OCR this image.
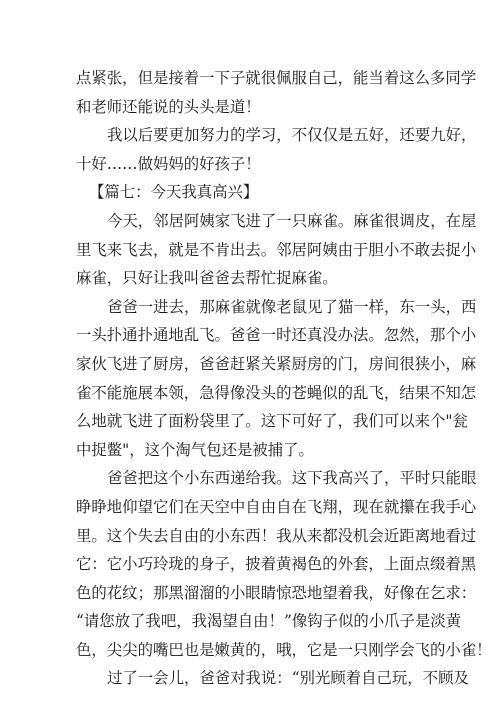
点紧张，但是接着一下子就很佩服自己，能当着这么多同学
和老师还能说的头头是道！
我以后要更加努力的学习，不仅仅是五好，还要九好，
十好……做妈妈的好孩子！
【篇七：今天我真高兴】
今天，邻居阿姨家飞进了一只麻雀。麻雀很调皮，在屋
里飞来飞去，就是不肯出去。邻居阿姨由于胆小不敢去捉小
麻雀，只好让我叫爸爸去帮忙捉麻雀。
爸爸一进去，那麻雀就像老鼠见了猫一样，东一头，西
一头扑通扑通地乱飞。爸爸一时还真没办法。忽然，那个小
家伙飞进了厨房，爸爸赶紧关紧厨房的门，房间很狭小，麻
雀不能施展本领，急得像没头的苍蝇似的乱飞，结果不知怎
么地就飞进了面粉袋里了。这下可好了，我们可以来个"瓮
中捉鳖"，这个淘气包还是被捕了。
爸爸把这个小东西递给我。这下我高兴了，平时只能眼
睁睁地仰望它们在天空中自由自在飞翔，现在就攥在我手心
里。这个失去自由的小东西！我从来都没机会近距离地看过
它：它小巧玲珑的身子，披着黄褐色的外套，上面点缀着黑
色的花纹；那黑溜溜的小眼睛惊恐地望着我，好像在乞求：
“请您放了我吧，我渴望自由！”像钩子似的小爪子是淡黄
色，尖尖的嘴巴也是嫩黄的，哦，它是一只刚学会飞的小雀！
过了一会儿，爸爸对我说：“别光顾着自己玩，不顾及
